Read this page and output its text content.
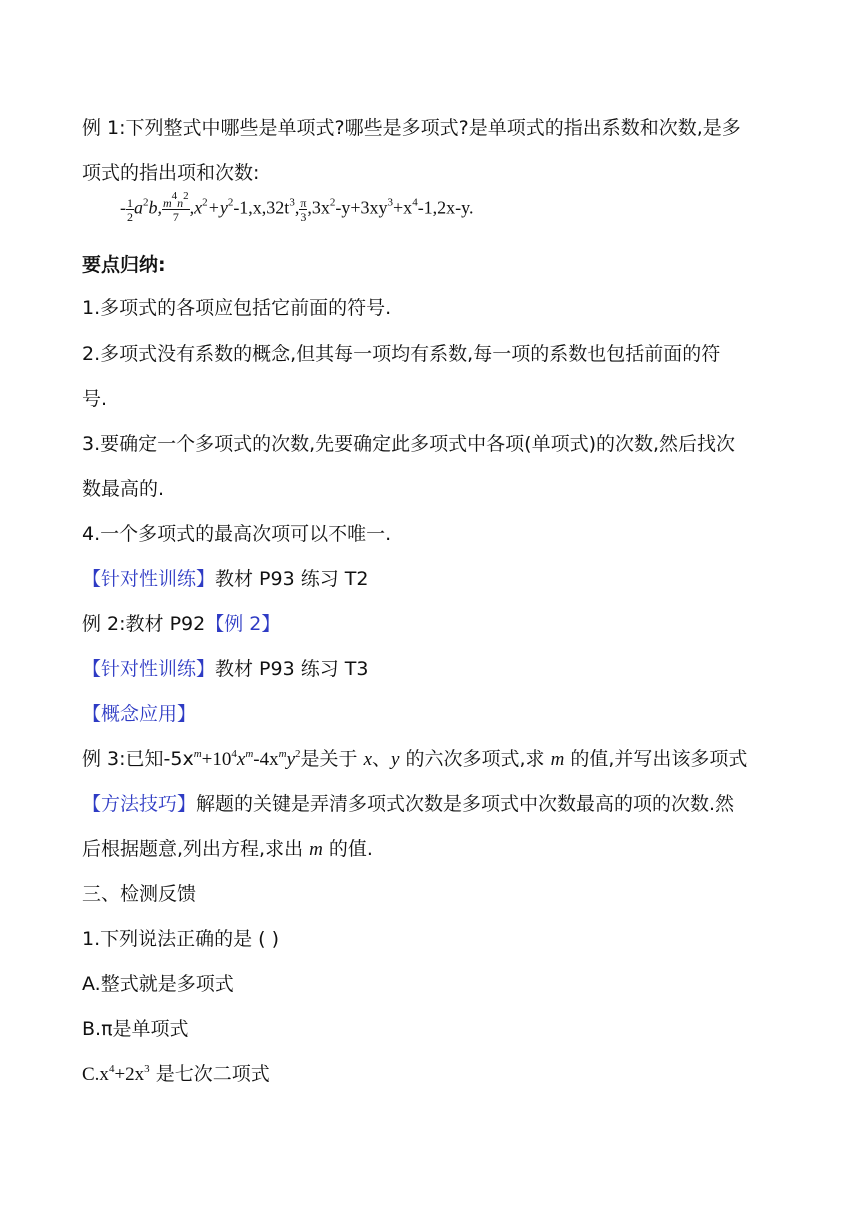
例 1:下列整式中哪些是单项式?哪些是多项式?是单项式的指出系数和次数,是多
项式的指出项和次数:
- $\frac{1}{2} a^2b$, $\frac{m^4n^2}{7} ,x^2+y^2-1,x,32t^3$, $\frac{\pi}{3} ,3x^2-y+3xy^3+x^4-1,2x-y$.
要点归纳:
1.多项式的各项应包括它前面的符号.
2.多项式没有系数的概念,但其每一项均有系数,每一项的系数也包括前面的符
号.
3.要确定一个多项式的次数,先要确定此多项式中各项(单项式)的次数,然后找次
数最高的.
4.一个多项式的最高次项可以不唯一.
【针对性训练】教材 P93 练习 T2
例 2:教材 P92【例 2】
【针对性训练】教材 P93 练习 T3
【概念应用】
例 3:已知$-5x^m+10^4x^m-4x^my^2$是关于 x、y 的六次多项式,求 m 的值,并写出该多项式
【方法技巧】解题的关键是弄清多项式次数是多项式中次数最高的项的次数.然
后根据题意,列出方程,求出 m 的值.
三、检测反馈
1.下列说法正确的是 ( )
A.整式就是多项式
B.π是单项式
$C.x^4+2x^3$ 是七次二项式
